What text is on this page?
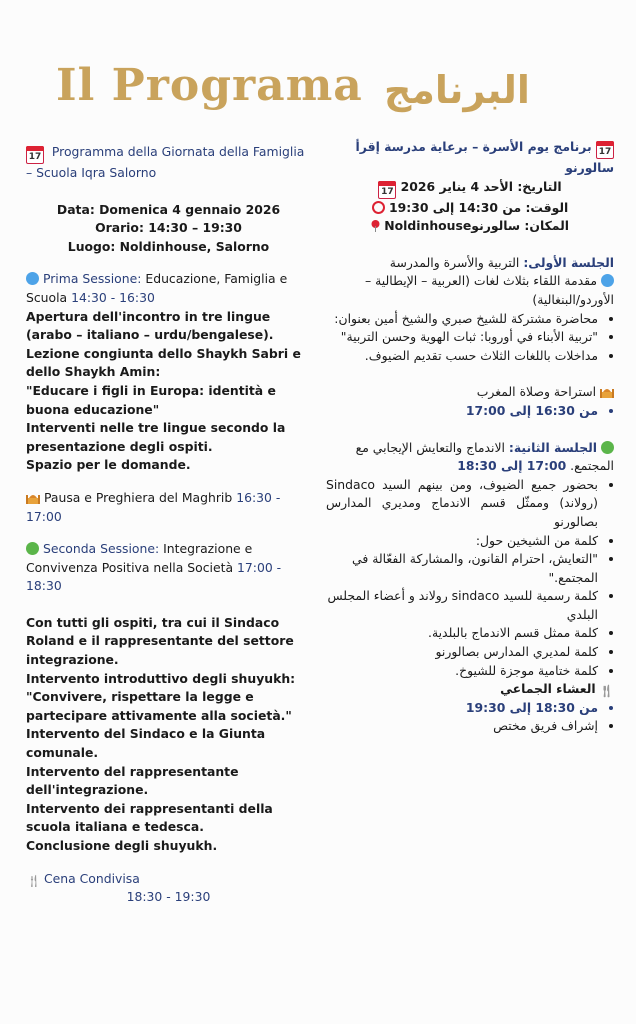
Il Programa البرنامج

17 Programma della Giornata della Famiglia – Scuola Iqra Salorno

Data: Domenica 4 gennaio 2026

Orario: 14:30 – 19:30

Luogo: Noldinhouse, Salorno

Prima Sessione: Educazione, Famiglia e Scuola 14:30 - 16:30

Apertura dell'incontro in tre lingue (arabo – italiano – urdu/bengalese).

Lezione congiunta dello Shaykh Sabri e dello Shaykh Amin:

"Educare i figli in Europa: identità e buona educazione"

Interventi nelle tre lingue secondo la presentazione degli ospiti.

Spazio per le domande.

Pausa e Preghiera del Maghrib 16:30 - 17:00

Seconda Sessione: Integrazione e Convivenza Positiva nella Società 17:00 - 18:30

Con tutti gli ospiti, tra cui il Sindaco Roland e il rappresentante del settore integrazione.

Intervento introduttivo degli shuyukh:

"Convivere, rispettare la legge e partecipare attivamente alla società."

Intervento del Sindaco e la Giunta comunale.

Intervento del rappresentante dell'integrazione.

Intervento dei rappresentanti della scuola italiana e tedesca.

Conclusione degli shuyukh.

🍴︎ Cena Condivisa

18:30 - 19:30

17 برنامج يوم الأسرة – برعاية مدرسة إقرأ سالورنو

التاريخ: الأحد 4 يناير 2026 17

الوقت: من 14:30 إلى 19:30

المكان: سالورنوNoldinhouse

الجلسة الأولى: التربية والأسرة والمدرسة

مقدمة اللقاء بثلاث لغات (العربية – الإيطالية – الأوردو/البنغالية)

• محاضرة مشتركة للشيخ صبري والشيخ أمين بعنوان:
• "تربية الأبناء في أوروبا: ثبات الهوية وحسن التربية"
• مداخلات باللغات الثلاث حسب تقديم الضيوف.

استراحة وصلاة المغرب

• من 16:30 إلى 17:00

الجلسة الثانية: الاندماج والتعايش الإيجابي مع المجتمع. 17:00 إلى 18:30

• بحضور جميع الضيوف، ومن بينهم السيد Sindaco (رولاند) وممثّل قسم الاندماج ومديري المدارس بصالورنو
• كلمة من الشيخين حول:
• "التعايش، احترام القانون، والمشاركة الفعّالة في المجتمع."
• كلمة رسمية للسيد sindaco رولاند و أعضاء المجلس البلدي
• كلمة ممثل قسم الاندماج بالبلدية.
• كلمة لمديري المدارس بصالورنو
• كلمة ختامية موجزة للشيوخ.

🍴︎ العشاء الجماعي

• من 18:30 إلى 19:30
• إشراف فريق مختص
